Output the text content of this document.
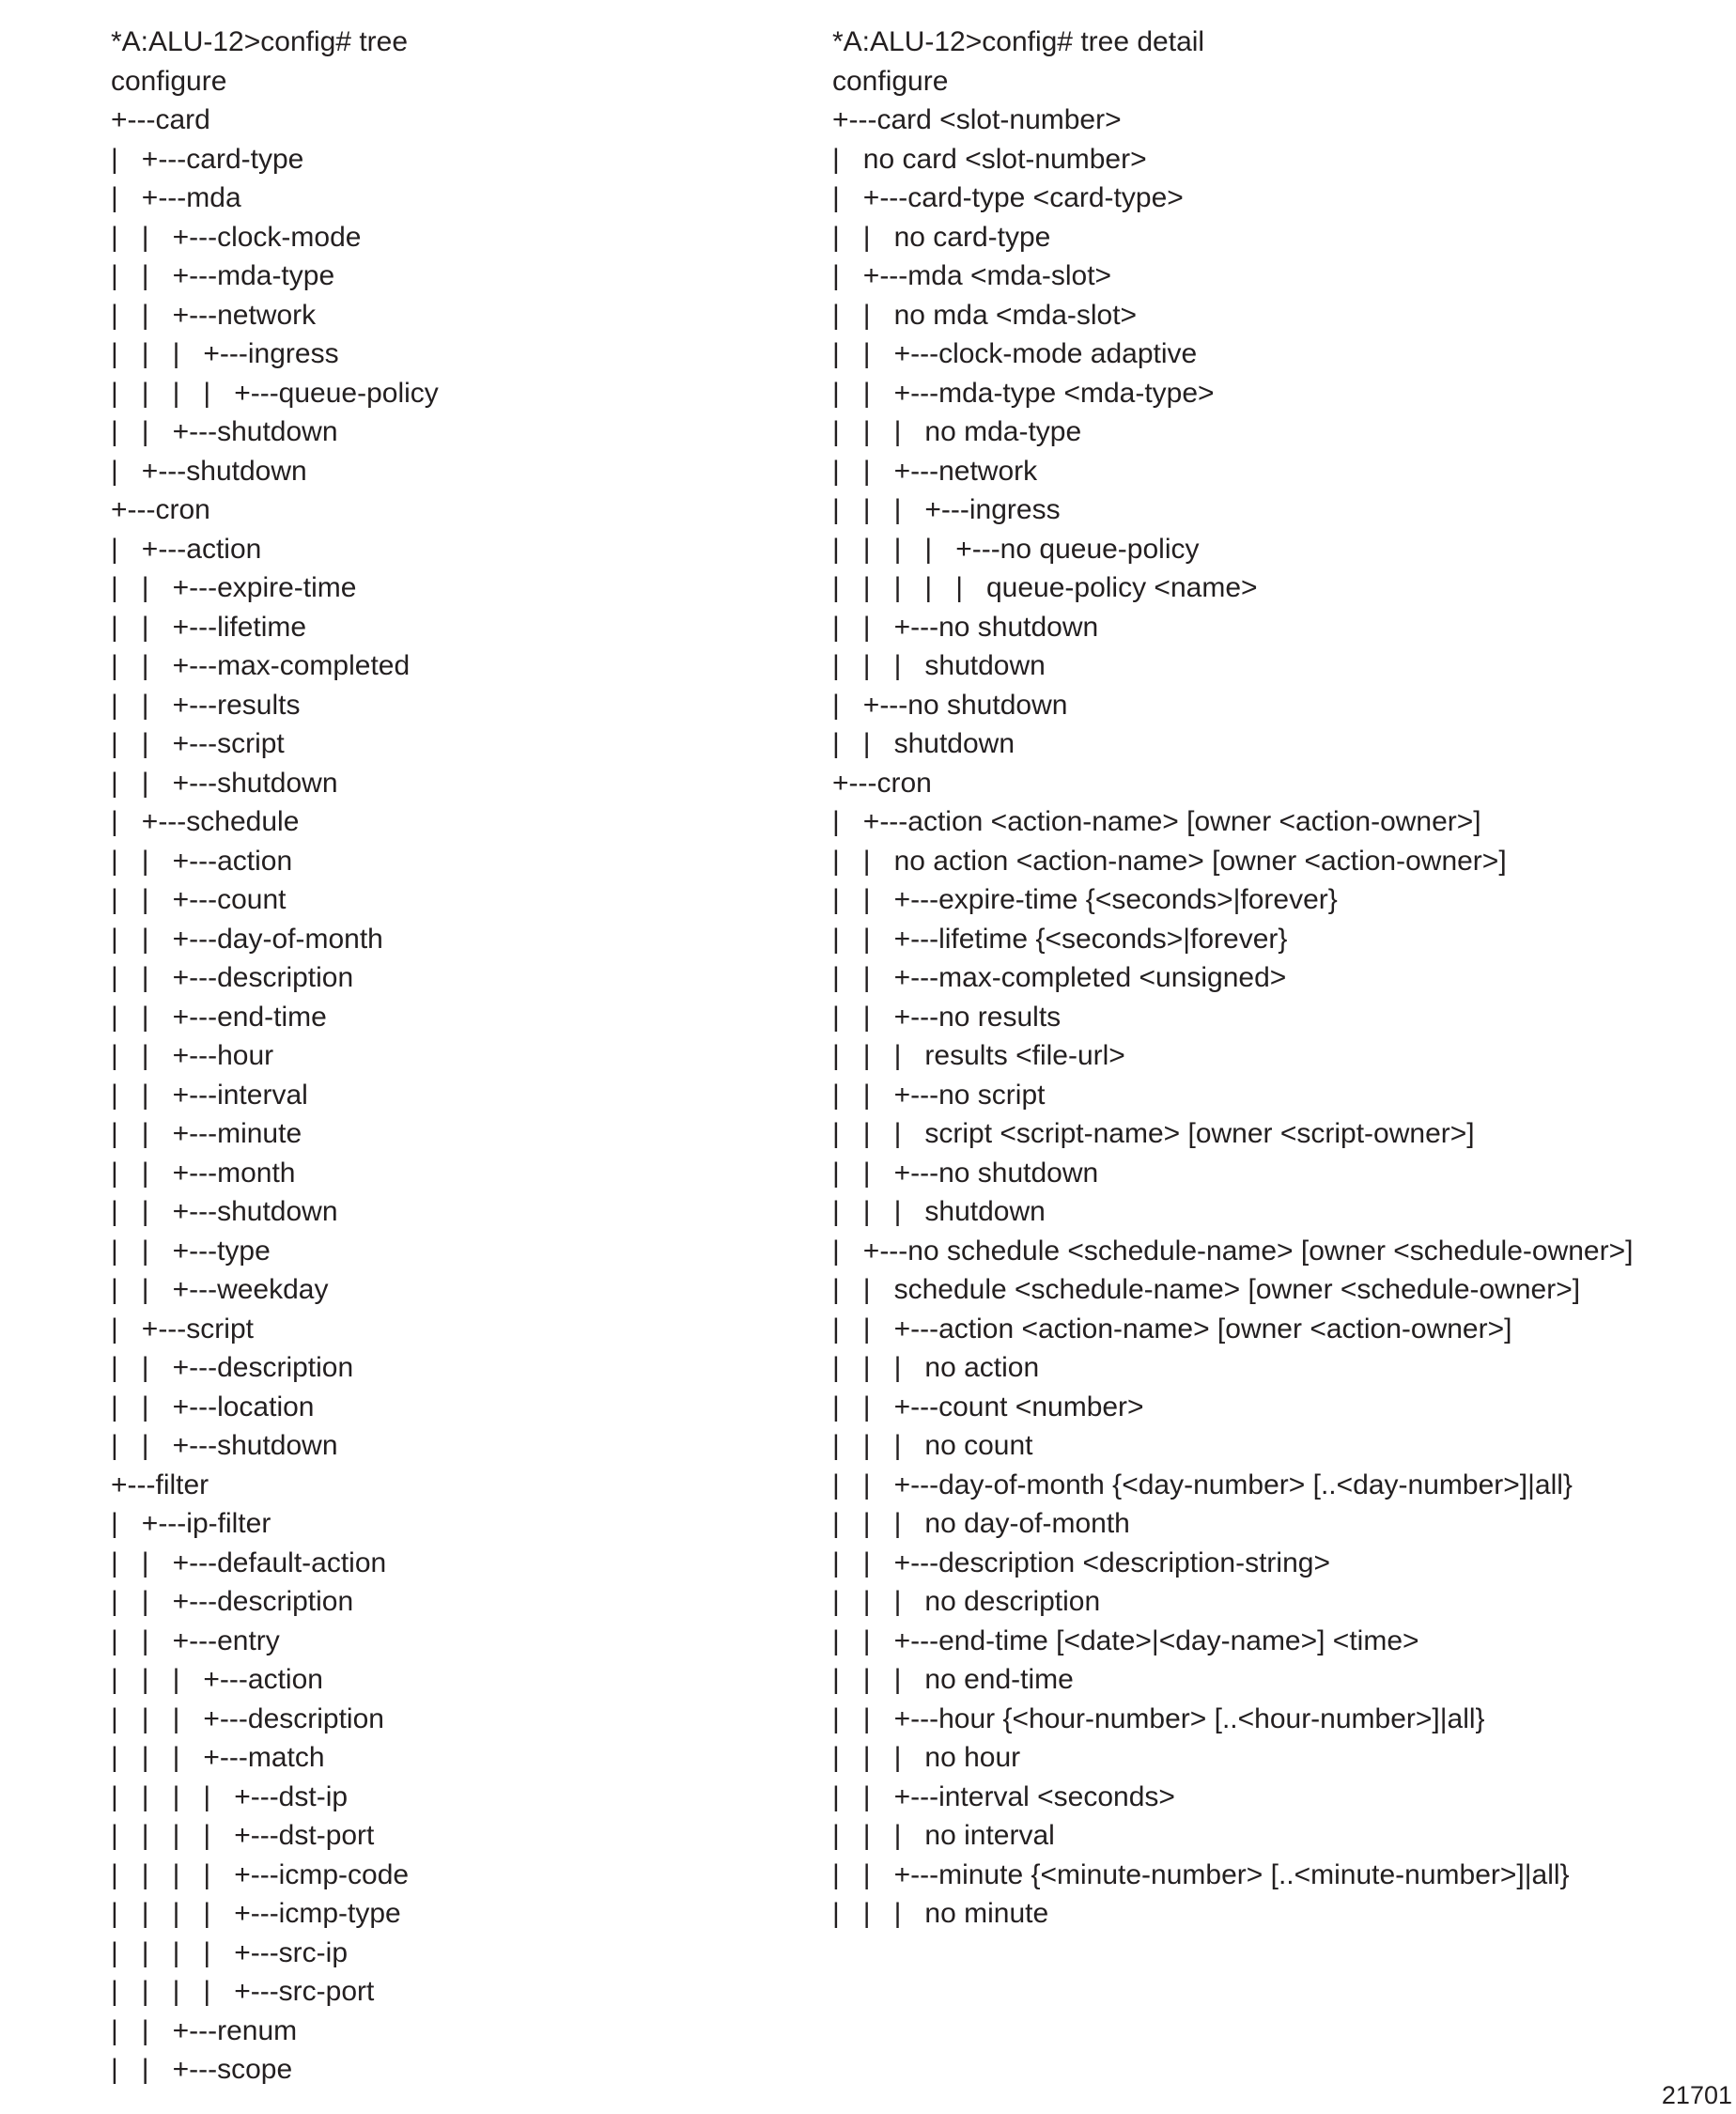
*A:ALU-12>config# tree
configure
+---card
|   +---card-type
|   +---mda
|   |   +---clock-mode
|   |   +---mda-type
|   |   +---network
|   |   |   +---ingress
|   |   |   |   +---queue-policy
|   |   +---shutdown
|   +---shutdown
+---cron
|   +---action
|   |   +---expire-time
|   |   +---lifetime
|   |   +---max-completed
|   |   +---results
|   |   +---script
|   |   +---shutdown
|   +---schedule
|   |   +---action
|   |   +---count
|   |   +---day-of-month
|   |   +---description
|   |   +---end-time
|   |   +---hour
|   |   +---interval
|   |   +---minute
|   |   +---month
|   |   +---shutdown
|   |   +---type
|   |   +---weekday
|   +---script
|   |   +---description
|   |   +---location
|   |   +---shutdown
+---filter
|   +---ip-filter
|   |   +---default-action
|   |   +---description
|   |   +---entry
|   |   |   +---action
|   |   |   +---description
|   |   |   +---match
|   |   |   |   +---dst-ip
|   |   |   |   +---dst-port
|   |   |   |   +---icmp-code
|   |   |   |   +---icmp-type
|   |   |   |   +---src-ip
|   |   |   |   +---src-port
|   |   +---renum
|   |   +---scope
*A:ALU-12>config# tree detail
configure
+---card <slot-number>
|   no card <slot-number>
|   +---card-type <card-type>
|   |   no card-type
|   +---mda <mda-slot>
|   |   no mda <mda-slot>
|   |   +---clock-mode adaptive
|   |   +---mda-type <mda-type>
|   |   |   no mda-type
|   |   +---network
|   |   |   +---ingress
|   |   |   |   +---no queue-policy
|   |   |   |   |   queue-policy <name>
|   |   +---no shutdown
|   |   |   shutdown
|   +---no shutdown
|   |   shutdown
+---cron
|   +---action <action-name> [owner <action-owner>]
|   |   no action <action-name> [owner <action-owner>]
|   |   +---expire-time {<seconds>|forever}
|   |   +---lifetime {<seconds>|forever}
|   |   +---max-completed <unsigned>
|   |   +---no results
|   |   |   results <file-url>
|   |   +---no script
|   |   |   script <script-name> [owner <script-owner>]
|   |   +---no shutdown
|   |   |   shutdown
|   +---no schedule <schedule-name> [owner <schedule-owner>]
|   |   schedule <schedule-name> [owner <schedule-owner>]
|   |   +---action <action-name> [owner <action-owner>]
|   |   |   no action
|   |   +---count <number>
|   |   |   no count
|   |   +---day-of-month {<day-number> [..<day-number>]|all}
|   |   |   no day-of-month
|   |   +---description <description-string>
|   |   |   no description
|   |   +---end-time [<date>|<day-name>] <time>
|   |   |   no end-time
|   |   +---hour {<hour-number> [..<hour-number>]|all}
|   |   |   no hour
|   |   +---interval <seconds>
|   |   |   no interval
|   |   +---minute {<minute-number> [..<minute-number>]|all}
|   |   |   no minute
21701
